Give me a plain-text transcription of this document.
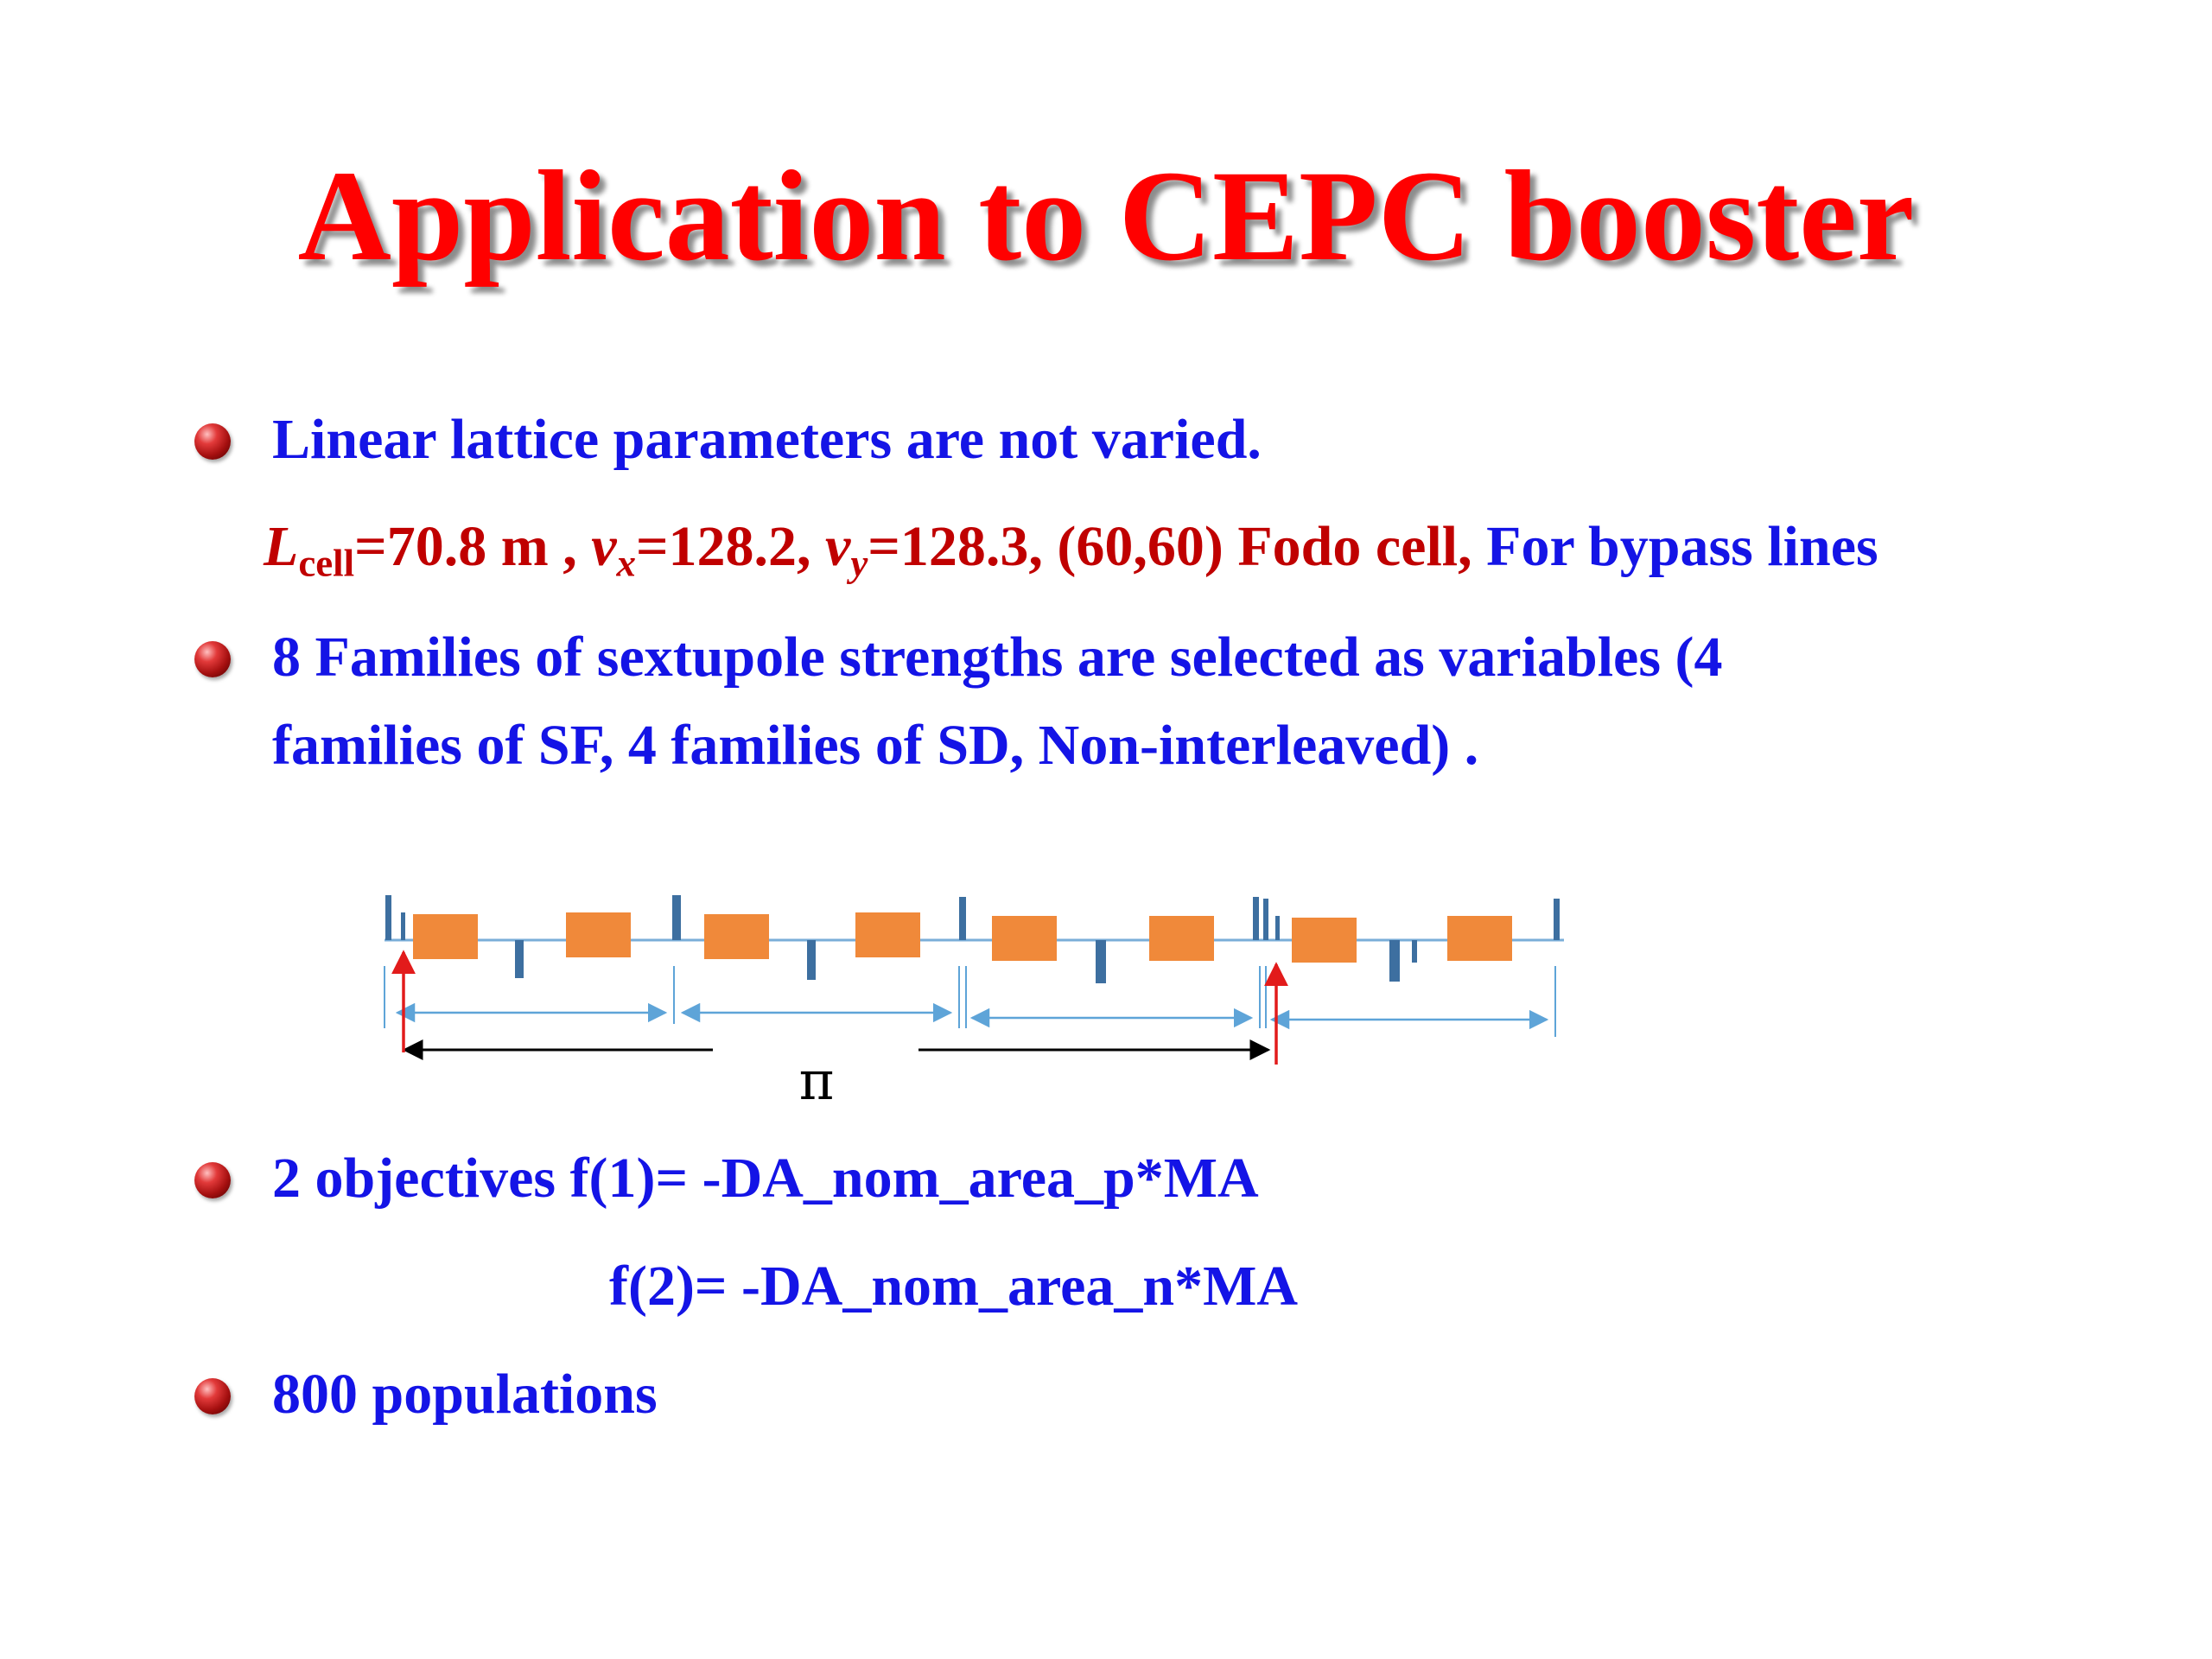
Application to CEPC booster
Linear lattice parameters are not varied.
$L_{cell}=70.8$ m , $\nu_x=128.2$, $\nu_y=128.3$, (60,60) Fodo cell, For bypass lines
8 Families of sextupole strengths are selected as variables (4
families of SF, 4 families of SD, Non-interleaved) .
π
2 objectives f(1)= -DA_nom_area_p*MA
f(2)= -DA_nom_area_n*MA
800 populations
